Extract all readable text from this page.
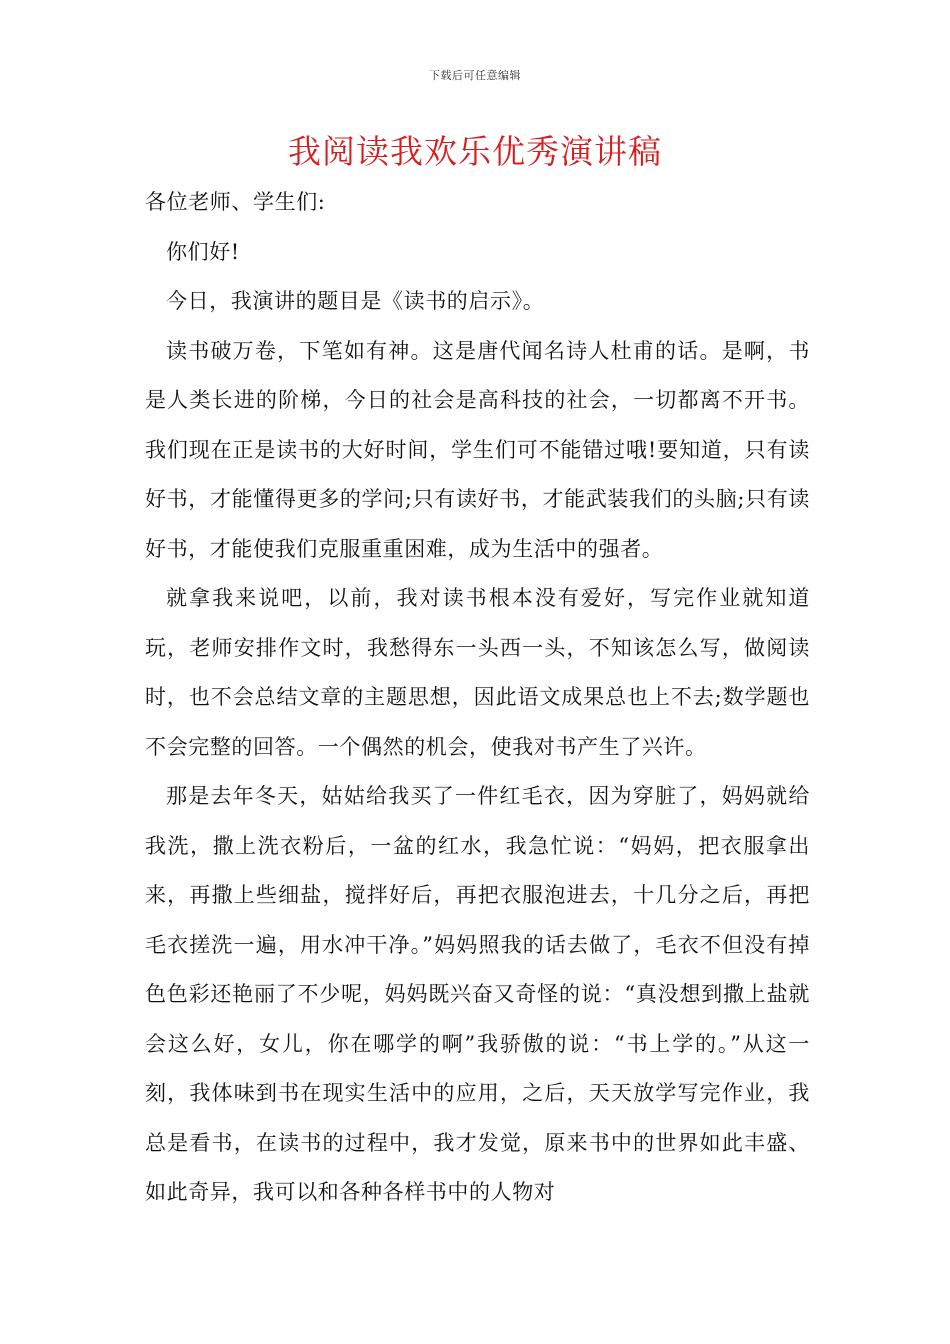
下载后可任意编辑
我阅读我欢乐优秀演讲稿

各位老师、学生们:

你们好!

今日，我演讲的题目是《读书的启示》。

读书破万卷，下笔如有神。这是唐代闻名诗人杜甫的话。是啊，书是人类长进的阶梯，今日的社会是高科技的社会，一切都离不开书。我们现在正是读书的大好时间，学生们可不能错过哦!要知道，只有读好书，才能懂得更多的学问;只有读好书，才能武装我们的头脑;只有读好书，才能使我们克服重重困难，成为生活中的强者。

就拿我来说吧，以前，我对读书根本没有爱好，写完作业就知道玩，老师安排作文时，我愁得东一头西一头，不知该怎么写，做阅读时，也不会总结文章的主题思想，因此语文成果总也上不去;数学题也不会完整的回答。一个偶然的机会，使我对书产生了兴许。

那是去年冬天，姑姑给我买了一件红毛衣，因为穿脏了，妈妈就给我洗，撒上洗衣粉后，一盆的红水，我急忙说：“妈妈，把衣服拿出来，再撒上些细盐，搅拌好后，再把衣服泡进去，十几分之后，再把毛衣搓洗一遍，用水冲干净。”妈妈照我的话去做了，毛衣不但没有掉色色彩还艳丽了不少呢，妈妈既兴奋又奇怪的说：“真没想到撒上盐就会这么好，女儿，你在哪学的啊”我骄傲的说：“书上学的。”从这一刻，我体味到书在现实生活中的应用，之后，天天放学写完作业，我总是看书，在读书的过程中，我才发觉，原来书中的世界如此丰盛、如此奇异，我可以和各种各样书中的人物对
